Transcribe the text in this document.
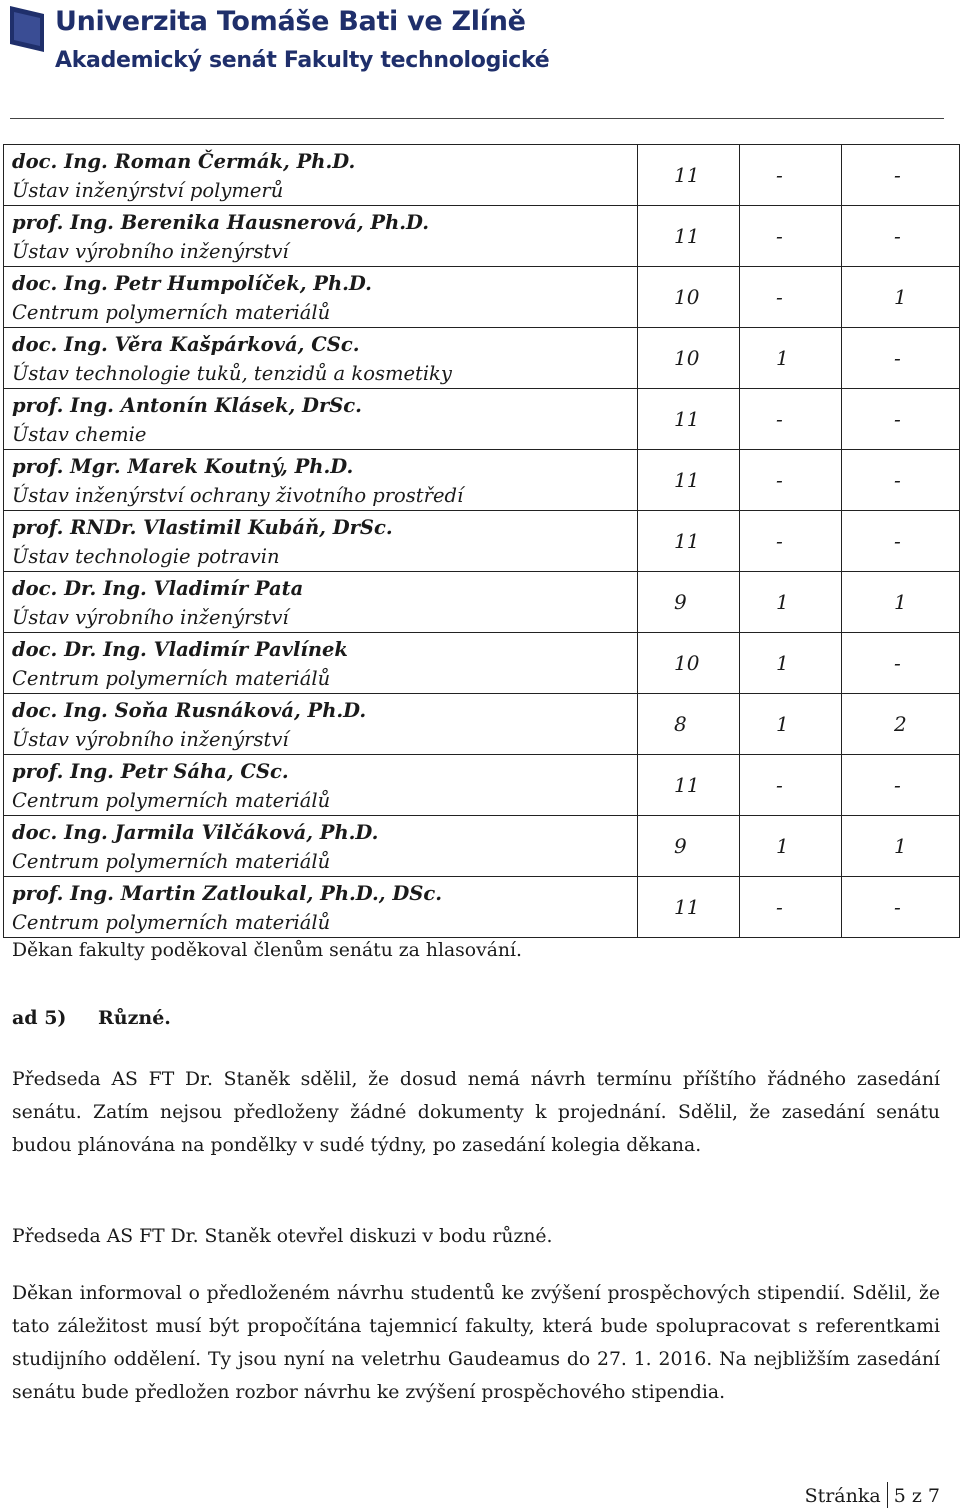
Univerzita Tomáše Bati ve Zlíně
Akademický senát Fakulty technologické
doc. Ing. Roman Čermák, Ph.D.
Ústav inženýrství polymerů	11	-	-

prof. Ing. Berenika Hausnerová, Ph.D.
Ústav výrobního inženýrství	11	-	-

doc. Ing. Petr Humpolíček, Ph.D.
Centrum polymerních materiálů	10	-	1

doc. Ing. Věra Kašpárková, CSc.
Ústav technologie tuků, tenzidů a kosmetiky	10	1	-

prof. Ing. Antonín Klásek, DrSc.
Ústav chemie	11	-	-

prof. Mgr. Marek Koutný, Ph.D.
Ústav inženýrství ochrany životního prostředí	11	-	-

prof. RNDr. Vlastimil Kubáň, DrSc.
Ústav technologie potravin	11	-	-

doc. Dr. Ing. Vladimír Pata
Ústav výrobního inženýrství	9	1	1

doc. Dr. Ing. Vladimír Pavlínek
Centrum polymerních materiálů	10	1	-

doc. Ing. Soňa Rusnáková, Ph.D.
Ústav výrobního inženýrství	8	1	2

prof. Ing. Petr Sáha, CSc.
Centrum polymerních materiálů	11	-	-

doc. Ing. Jarmila Vilčáková, Ph.D.
Centrum polymerních materiálů	9	1	1

prof. Ing. Martin Zatloukal, Ph.D., DSc.
Centrum polymerních materiálů	11	-	-
Děkan fakulty poděkoval členům senátu za hlasování.
ad 5) Různé.
Předseda AS FT Dr. Staněk sdělil, že dosud nemá návrh termínu příštího řádného zasedání senátu. Zatím nejsou předloženy žádné dokumenty k projednání. Sdělil, že zasedání senátu budou plánována na pondělky v sudé týdny, po zasedání kolegia děkana.
Předseda AS FT Dr. Staněk otevřel diskuzi v bodu různé.
Děkan informoval o předloženém návrhu studentů ke zvýšení prospěchových stipendií. Sdělil, že tato záležitost musí být propočítána tajemnicí fakulty, která bude spolupracovat s referentkami studijního oddělení. Ty jsou nyní na veletrhu Gaudeamus do 27. 1. 2016. Na nejbližším zasedání senátu bude předložen rozbor návrhu ke zvýšení prospěchového stipendia.
Stránka 5 z 7
